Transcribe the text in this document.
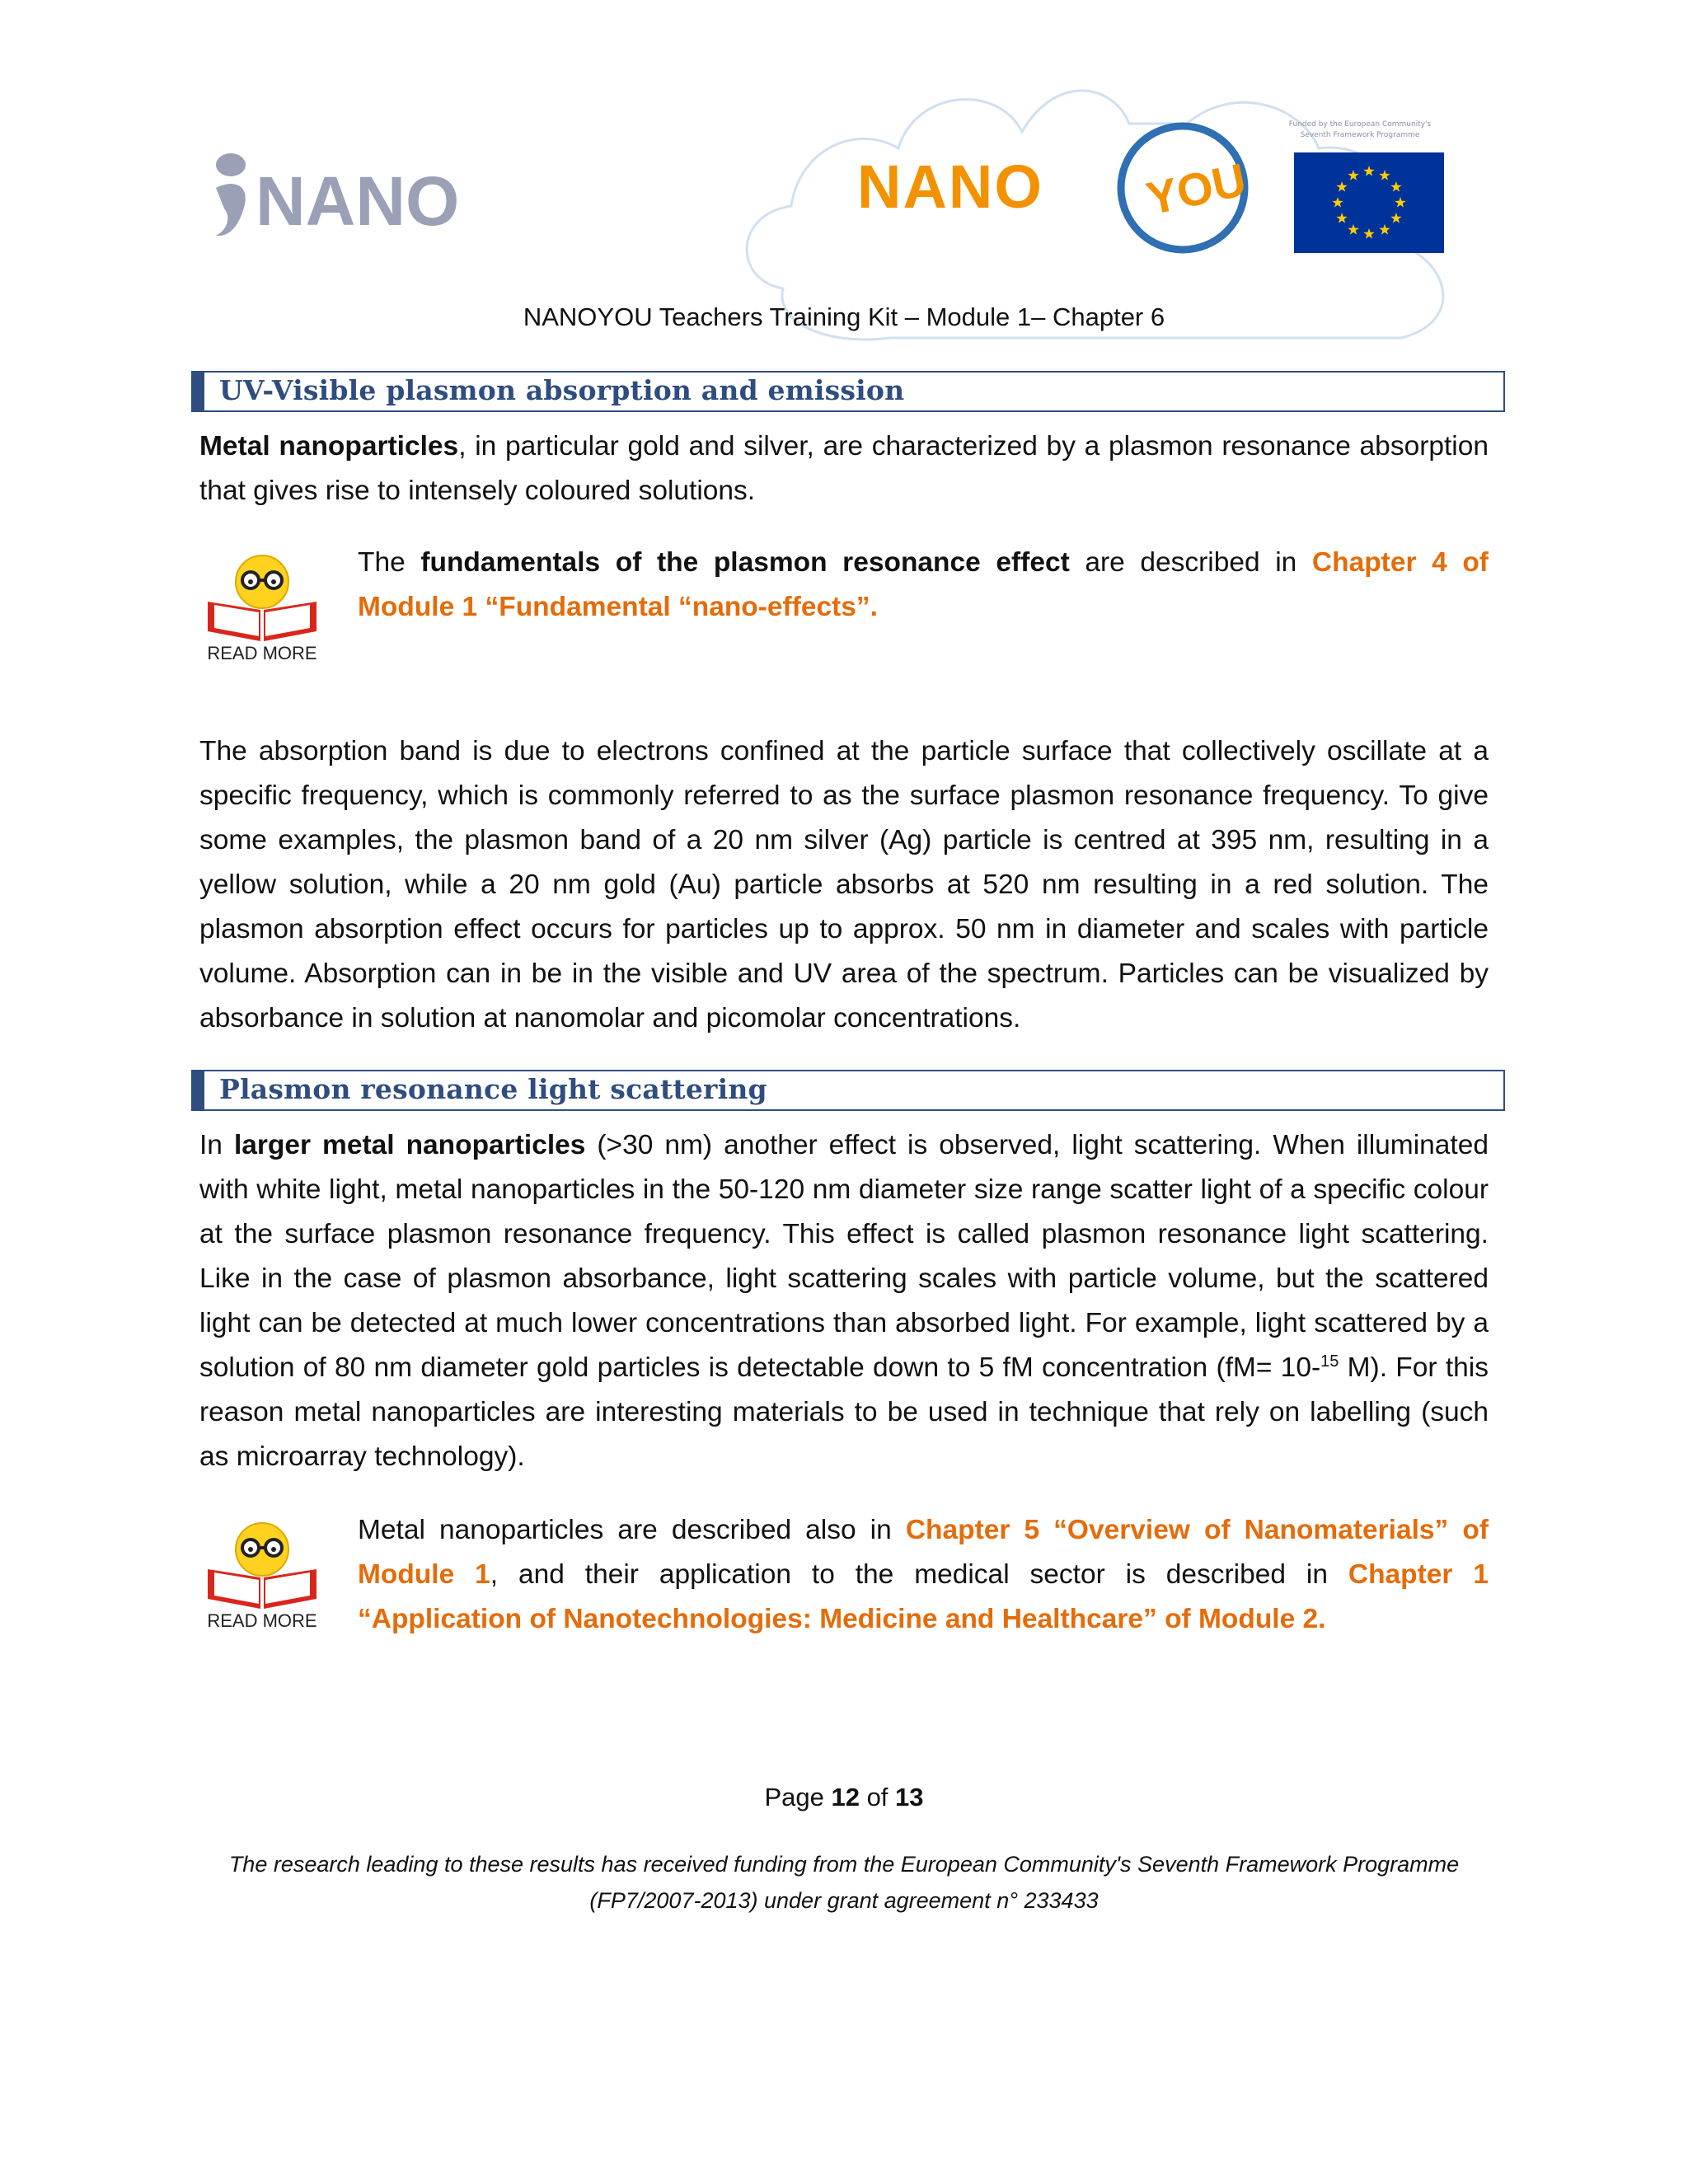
NANO	NANO YOU
Funded by the European Community's
Seventh Framework Programme
NANOYOU Teachers Training Kit – Module 1– Chapter 6
UV-Visible plasmon absorption and emission
Metal nanoparticles, in particular gold and silver, are characterized by a plasmon resonance absorption that gives rise to intensely coloured solutions.
READ MORE
The fundamentals of the plasmon resonance effect are described in Chapter 4 of Module 1 “Fundamental “nano-effects”.
The absorption band is due to electrons confined at the particle surface that collectively oscillate at a specific frequency, which is commonly referred to as the surface plasmon resonance frequency. To give some examples, the plasmon band of a 20 nm silver (Ag) particle is centred at 395 nm, resulting in a yellow solution, while a 20 nm gold (Au) particle absorbs at 520 nm resulting in a red solution. The plasmon absorption effect occurs for particles up to approx. 50 nm in diameter and scales with particle volume. Absorption can in be in the visible and UV area of the spectrum. Particles can be visualized by absorbance in solution at nanomolar and picomolar concentrations.
Plasmon resonance light scattering
In larger metal nanoparticles (>30 nm) another effect is observed, light scattering. When illuminated with white light, metal nanoparticles in the 50-120 nm diameter size range scatter light of a specific colour at the surface plasmon resonance frequency. This effect is called plasmon resonance light scattering. Like in the case of plasmon absorbance, light scattering scales with particle volume, but the scattered light can be detected at much lower concentrations than absorbed light. For example, light scattered by a solution of 80 nm diameter gold particles is detectable down to 5 fM concentration (fM= 10-$^{15}$ M). For this reason metal nanoparticles are interesting materials to be used in technique that rely on labelling (such as microarray technology).
READ MORE
Metal nanoparticles are described also in Chapter 5 “Overview of Nanomaterials” of Module 1, and their application to the medical sector is described in Chapter 1 “Application of Nanotechnologies: Medicine and Healthcare” of Module 2.
Page 12 of 13
The research leading to these results has received funding from the European Community's Seventh Framework Programme
(FP7/2007-2013) under grant agreement n° 233433
